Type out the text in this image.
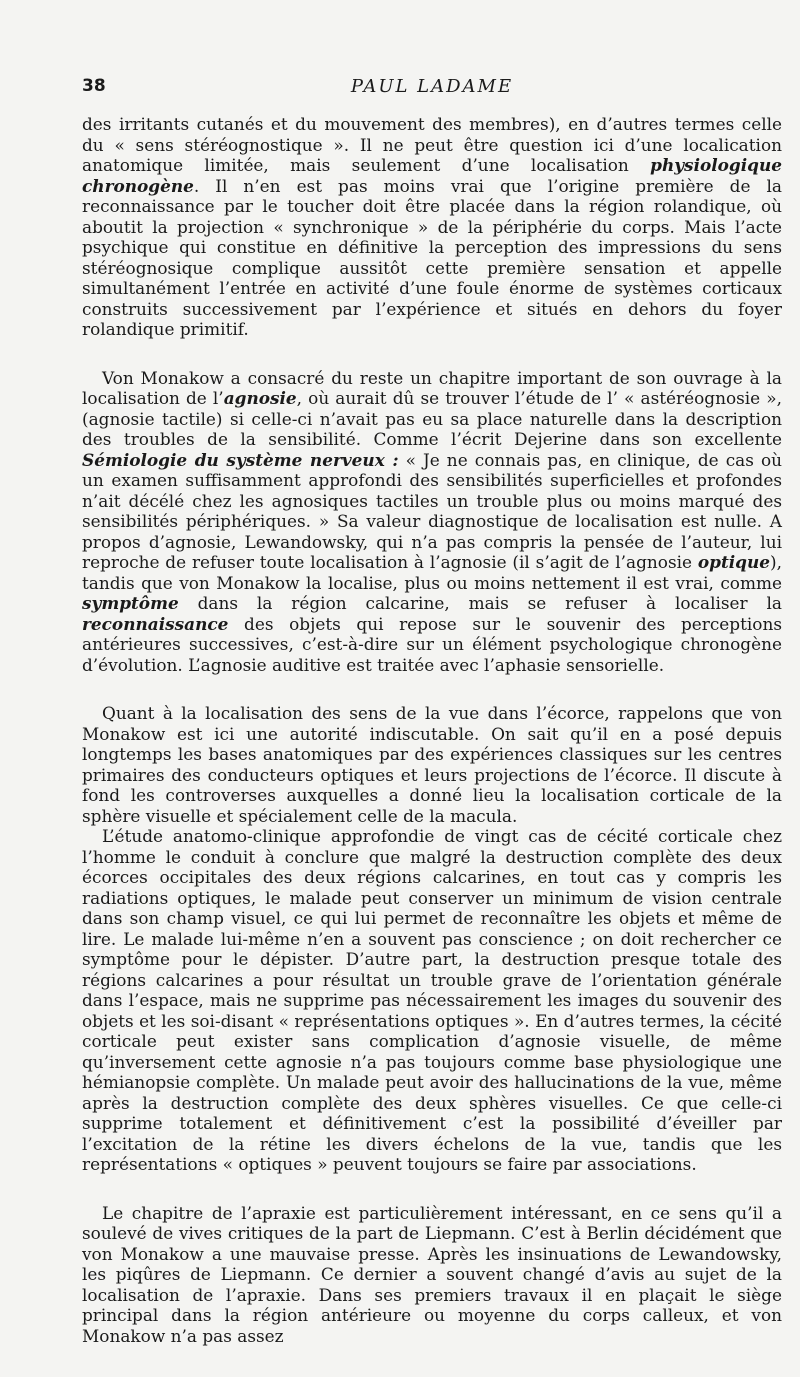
38	PAUL LADAME

des irritants cutanés et du mouvement des membres), en d’autres termes celle du « sens stéréognostique ». Il ne peut être question ici d’une localication anatomique limitée, mais seulement d’une localisation physiologique chronogène. Il n’en est pas moins vrai que l’origine première de la reconnaissance par le toucher doit être placée dans la région rolandique, où aboutit la projection « synchronique » de la périphérie du corps. Mais l’acte psychique qui constitue en définitive la perception des impressions du sens stéréognosique complique aussitôt cette première sensation et appelle simultanément l’entrée en activité d’une foule énorme de systèmes corticaux construits successivement par l’expérience et situés en dehors du foyer rolandique primitif.

Von Monakow a consacré du reste un chapitre important de son ouvrage à la localisation de l’agnosie, où aurait dû se trouver l’étude de l’ « astéréognosie », (agnosie tactile) si celle-ci n’avait pas eu sa place naturelle dans la description des troubles de la sensibilité. Comme l’écrit Dejerine dans son excellente Sémiologie du système nerveux : « Je ne connais pas, en clinique, de cas où un examen suffisamment approfondi des sensibilités superficielles et profondes n’ait décélé chez les agnosiques tactiles un trouble plus ou moins marqué des sensibilités périphériques. » Sa valeur diagnostique de localisation est nulle. A propos d’agnosie, Lewandowsky, qui n’a pas compris la pensée de l’auteur, lui reproche de refuser toute localisation à l’agnosie (il s’agit de l’agnosie optique), tandis que von Monakow la localise, plus ou moins nettement il est vrai, comme symptôme dans la région calcarine, mais se refuser à localiser la reconnaissance des objets qui repose sur le souvenir des perceptions antérieures successives, c’est-à-dire sur un élément psychologique chronogène d’évolution. L’agnosie auditive est traitée avec l’aphasie sensorielle.

Quant à la localisation des sens de la vue dans l’écorce, rappelons que von Monakow est ici une autorité indiscutable. On sait qu’il en a posé depuis longtemps les bases anatomiques par des expériences classiques sur les centres primaires des conducteurs optiques et leurs projections de l’écorce. Il discute à fond les controverses auxquelles a donné lieu la localisation corticale de la sphère visuelle et spécialement celle de la macula.

L’étude anatomo-clinique approfondie de vingt cas de cécité corticale chez l’homme le conduit à conclure que malgré la destruction complète des deux écorces occipitales des deux régions calcarines, en tout cas y compris les radiations optiques, le malade peut conserver un minimum de vision centrale dans son champ visuel, ce qui lui permet de reconnaître les objets et même de lire. Le malade lui-même n’en a souvent pas conscience ; on doit rechercher ce symptôme pour le dépister. D’autre part, la destruction presque totale des régions calcarines a pour résultat un trouble grave de l’orientation générale dans l’espace, mais ne supprime pas nécessairement les images du souvenir des objets et les soi-disant « représentations optiques ». En d’autres termes, la cécité corticale peut exister sans complication d’agnosie visuelle, de même qu’inversement cette agnosie n’a pas toujours comme base physiologique une hémianopsie complète. Un malade peut avoir des hallucinations de la vue, même après la destruction complète des deux sphères visuelles. Ce que celle-ci supprime totalement et définitivement c’est la possibilité d’éveiller par l’excitation de la rétine les divers échelons de la vue, tandis que les représentations « optiques » peuvent toujours se faire par associations.

Le chapitre de l’apraxie est particulièrement intéressant, en ce sens qu’il a soulevé de vives critiques de la part de Liepmann. C’est à Berlin décidément que von Monakow a une mauvaise presse. Après les insinuations de Lewandowsky, les piqûres de Liepmann. Ce dernier a souvent changé d’avis au sujet de la localisation de l’apraxie. Dans ses premiers travaux il en plaçait le siège principal dans la région antérieure ou moyenne du corps calleux, et von Monakow n’a pas assez
